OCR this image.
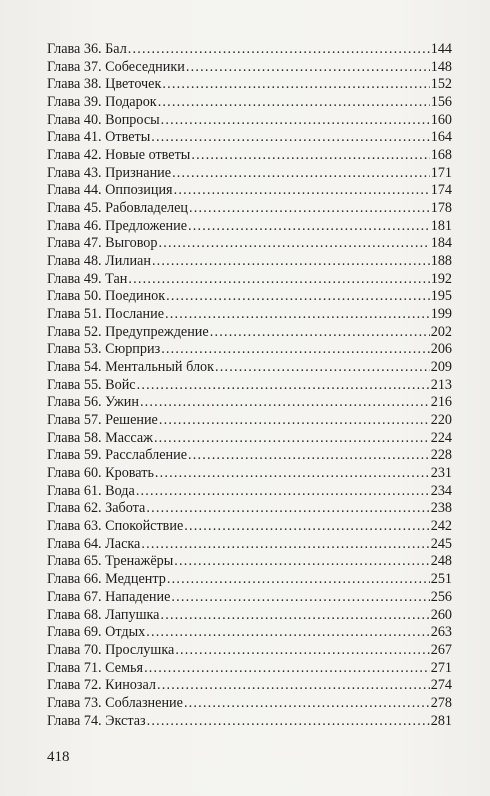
Глава 36. Бал .....	144
Глава 37. Собеседники .....	148
Глава 38. Цветочек .....	152
Глава 39. Подарок .....	156
Глава 40. Вопросы .....	160
Глава 41. Ответы .....	164
Глава 42. Новые ответы .....	168
Глава 43. Признание .....	171
Глава 44. Оппозиция .....	174
Глава 45. Рабовладелец .....	178
Глава 46. Предложение .....	181
Глава 47. Выговор .....	184
Глава 48. Лилиан .....	188
Глава 49. Тан .....	192
Глава 50. Поединок .....	195
Глава 51. Послание .....	199
Глава 52. Предупреждение .....	202
Глава 53. Сюрприз .....	206
Глава 54. Ментальный блок .....	209
Глава 55. Войс .....	213
Глава 56. Ужин .....	216
Глава 57. Решение .....	220
Глава 58. Массаж .....	224
Глава 59. Расслабление .....	228
Глава 60. Кровать .....	231
Глава 61. Вода .....	234
Глава 62. Забота .....	238
Глава 63. Спокойствие .....	242
Глава 64. Ласка .....	245
Глава 65. Тренажёры .....	248
Глава 66. Медцентр .....	251
Глава 67. Нападение .....	256
Глава 68. Лапушка .....	260
Глава 69. Отдых .....	263
Глава 70. Прослушка .....	267
Глава 71. Семья .....	271
Глава 72. Кинозал .....	274
Глава 73. Соблазнение .....	278
Глава 74. Экстаз .....	281
418
